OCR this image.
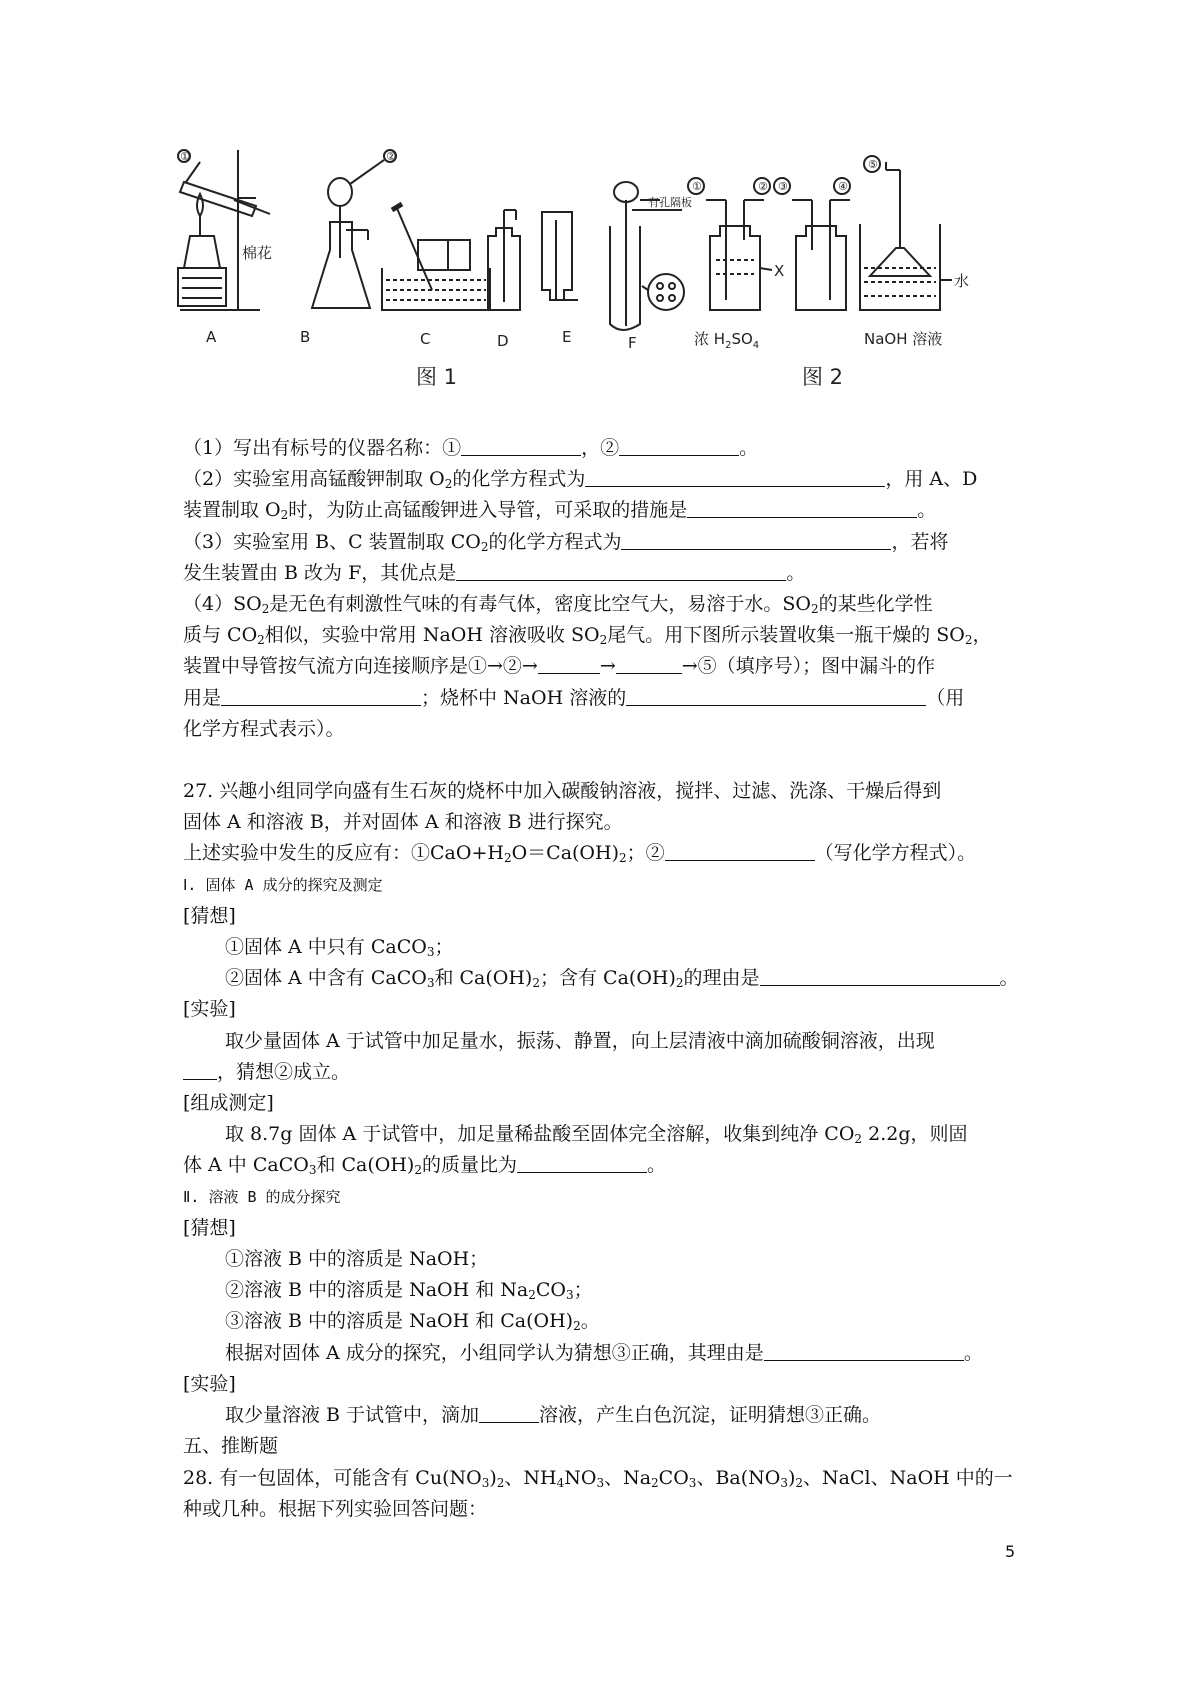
①	②
棉花
有孔隔板
A	B	C	D	E	F
①	② ③	④
⑤
X
水
浓 $H_2SO_4$	NaOH 溶液
图 1	图 2

（1）写出有标号的仪器名称：①	，②	。

（2）实验室用高锰酸钾制取 $O_2$的化学方程式为	，用 A、D

装置制取 $O_2$时，为防止高锰酸钾进入导管，可采取的措施是	。

（3）实验室用 B、C 装置制取 $CO_2$的化学方程式为	，若将

发生装置由 B 改为 F，其优点是	。

$(4)SO_2$是无色有刺激性气味的有毒气体，密度比空气大，易溶于水。$SO_2$的某些化学性

质与 $CO_2$相似，实验中常用 NaOH 溶液吸收 $SO_2$尾气。用下图所示装置收集一瓶干燥的 $SO_2$，

装置中导管按气流方向连接顺序是①→②→	→	→⑤（填序号）；图中漏斗的作

用是	；烧杯中 NaOH 溶液的	（用

化学方程式表示）。

27. 兴趣小组同学向盛有生石灰的烧杯中加入碳酸钠溶液，搅拌、过滤、洗涤、干燥后得到

固体 A 和溶液 B，并对固体 A 和溶液 B 进行探究。

上述实验中发生的反应有：$①CaO+H_2O=Ca(OH)_2$；②	（写化学方程式）。

Ⅰ. 固体 A 成分的探究及测定

[猜想]

①固体 A 中只有 CaCO$_3$；

②固体 A 中含有 CaCO$_3$和 $Ca(OH)_2$；含有 $Ca(OH)_2$的理由是	。

[实验]

取少量固体 A 于试管中加足量水，振荡、静置，向上层清液中滴加硫酸铜溶液，出现

，猜想②成立。

[组成测定]

取 8.7g 固体 A 于试管中，加足量稀盐酸至固体完全溶解，收集到纯净 $CO_2$ 2.2g，则固

体 A 中 CaCO$_3$和 $Ca(OH)_2$的质量比为	。

Ⅱ. 溶液 B 的成分探究

[猜想]

①溶液 B 中的溶质是 NaOH；

②溶液 B 中的溶质是 NaOH 和 $Na_2CO_3$；

③溶液 B 中的溶质是 NaOH 和 $Ca(OH)_2$。

根据对固体 A 成分的探究，小组同学认为猜想③正确，其理由是	。

[实验]

取少量溶液 B 于试管中，滴加	溶液，产生白色沉淀，证明猜想③正确。

五、推断题

28. 有一包固体，可能含有 $Cu(NO_3)_2$、$NH_4NO_3$、$Na_2CO_3$、$Ba(NO_3)_2$、NaCl、NaOH 中的一

种或几种。根据下列实验回答问题：

5
